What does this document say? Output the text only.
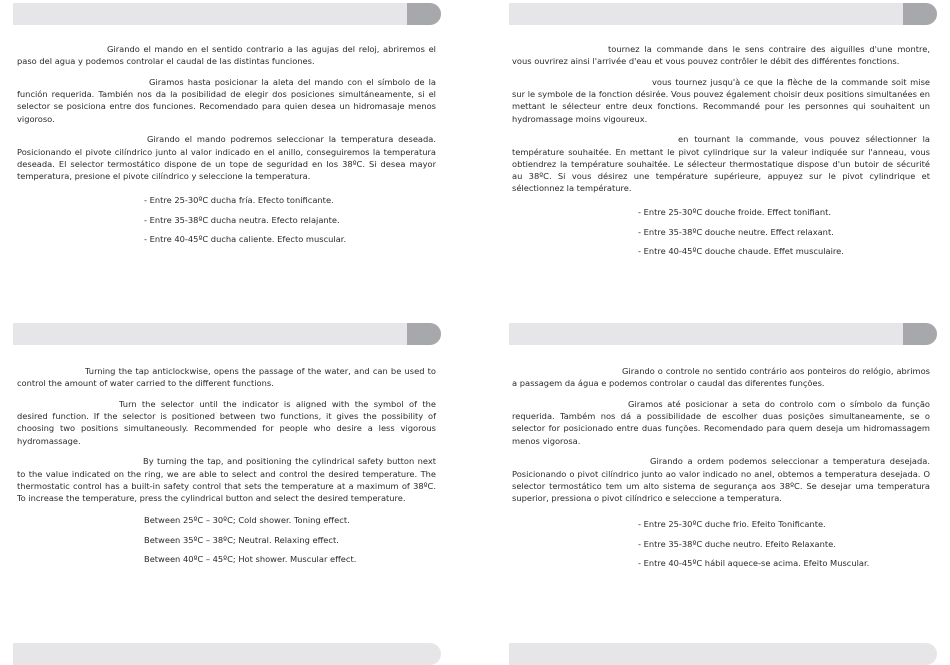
Girando el mando en el sentido contrario a las agujas del reloj, abriremos el paso del agua y podemos controlar el caudal de las distintas funciones.

Giramos hasta posicionar la aleta del mando con el símbolo de la función requerida. También nos da la posibilidad de elegir dos posiciones simultáneamente, si el selector se posiciona entre dos funciones. Recomendado para quien desea un hidromasaje menos vigoroso.

Girando el mando podremos seleccionar la temperatura deseada. Posicionando el pivote cilíndrico junto al valor indicado en el anillo, conseguiremos la temperatura deseada. El selector termostático dispone de un tope de seguridad en los 38ºC. Si desea mayor temperatura, presione el pivote cilíndrico y seleccione la temperatura.

- Entre 25-30ºC ducha fría. Efecto tonificante.

- Entre 35-38ºC ducha neutra. Efecto relajante.

- Entre 40-45ºC ducha caliente. Efecto muscular.

tournez la commande dans le sens contraire des aiguilles d'une montre, vous ouvrirez ainsi l'arrivée d'eau et vous pouvez contrôler le débit des différentes fonctions.

vous tournez jusqu'à ce que la flèche de la commande soit mise sur le symbole de la fonction désirée. Vous pouvez également choisir deux positions simultanées en mettant le sélecteur entre deux fonctions. Recommandé pour les personnes qui souhaitent un hydromassage moins vigoureux.

en tournant la commande, vous pouvez sélectionner la température souhaitée. En mettant le pivot cylindrique sur la valeur indiquée sur l'anneau, vous obtiendrez la température souhaitée. Le sélecteur thermostatique dispose d'un butoir de sécurité au 38ºC. Si vous désirez une température supérieure, appuyez sur le pivot cylindrique et sélectionnez la température.

- Entre 25-30ºC douche froide. Effect tonifiant.

- Entre 35-38ºC douche neutre. Effect relaxant.

- Entre 40-45ºC douche chaude. Effet musculaire.

Turning the tap anticlockwise, opens the passage of the water, and can be used to control the amount of water carried to the different functions.

Turn the selector until the indicator is aligned with the symbol of the desired function. If the selector is positioned between two functions, it gives the possibility of choosing two positions simultaneously. Recommended for people who desire a less vigorous hydromassage.

By turning the tap, and positioning the cylindrical safety button next to the value indicated on the ring, we are able to select and control the desired temperature. The thermostatic control has a built-in safety control that sets the temperature at a maximum of 38ºC. To increase the temperature, press the cylindrical button and select the desired temperature.

Between 25ºC – 30ºC; Cold shower. Toning effect.

Between 35ºC – 38ºC; Neutral. Relaxing effect.

Between 40ºC – 45ºC; Hot shower. Muscular effect.

Girando o controle no sentido contrário aos ponteiros do relógio, abrimos a passagem da água e podemos controlar o caudal das diferentes funções.

Giramos até posicionar a seta do controlo com o símbolo da função requerida. Também nos dá a possibilidade de escolher duas posições simultaneamente, se o selector for posicionado entre duas funções. Recomendado para quem deseja um hidromassagem menos vigorosa.

Girando a ordem podemos seleccionar a temperatura desejada. Posicionando o pivot cilíndrico junto ao valor indicado no anel, obtemos a temperatura desejada. O selector termostático tem um alto sistema de segurança aos 38ºC. Se desejar uma temperatura superior, pressiona o pivot cilíndrico e seleccione a temperatura.

- Entre 25-30ºC duche frio. Efeito Tonificante.

- Entre 35-38ºC duche neutro. Efeito Relaxante.

- Entre 40-45ºC hábil aquece-se acima. Efeito Muscular.
